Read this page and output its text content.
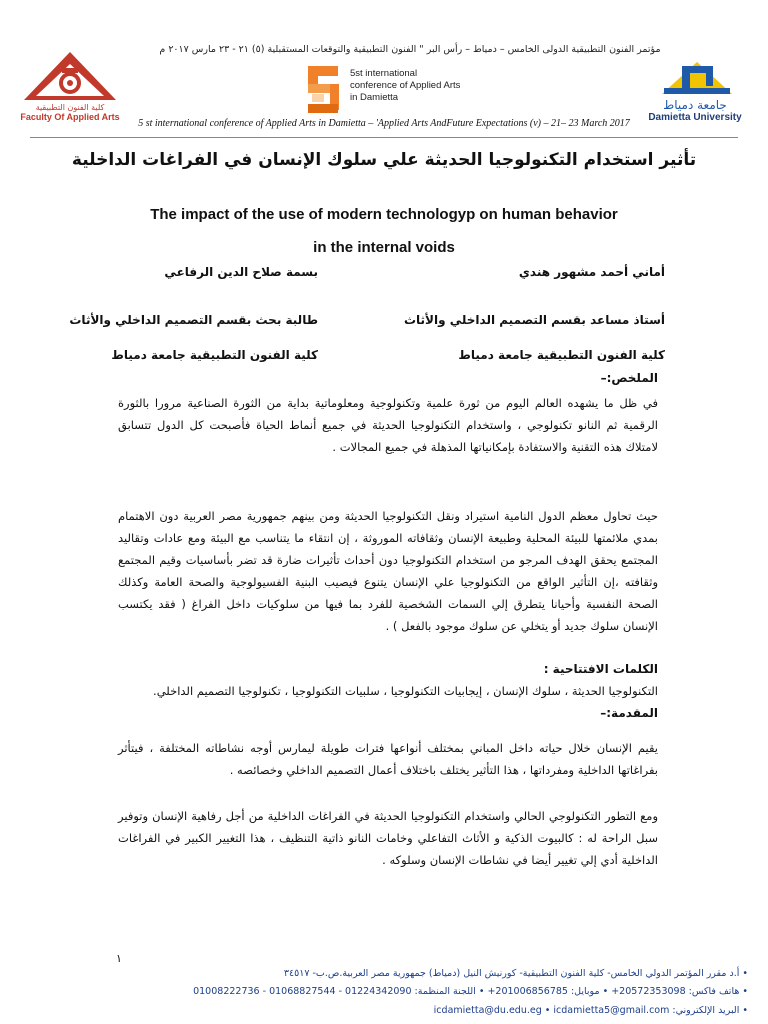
مؤتمر الفنون التطبيقية الدولى الخامس – دمياط – رأس البر " الفنون التطبيقية والتوقعات المستقبلية (٥) ٢١ - ٢٣ مارس ٢٠١٧ م
كلية الفنون التطبيقية
Faculty Of Applied Arts
5st international
conference of Applied Arts
in Damietta
جامعة دمياط
Damietta University
5 st international conference of Applied Arts in Damietta – 'Applied Arts AndFuture Expectations (v) – 21– 23 March 2017
تأثير استخدام التكنولوجيا الحديثة علي سلوك الإنسان في الفراغات الداخلية
The impact of the use of modern technologyp on human behavior
in the internal voids
أماني أحمد مشهور هندي
بسمة صلاح الدين الرفاعي
أستاذ مساعد بقسم التصميم الداخلي والأثاث
طالبة بحث بقسم التصميم الداخلي والأثاث
كلية الفنون التطبيقية جامعة دمياط
كلية الفنون التطبيقية جامعة دمياط
الملخص:–
في ظل ما يشهده العالم اليوم من ثورة علمية وتكنولوجية ومعلوماتية بداية من الثورة الصناعية مرورا بالثورة الرقمية ثم النانو تكنولوجي ، واستخدام التكنولوجيا الحديثة في جميع أنماط الحياة فأصبحت كل الدول تتسابق لامتلاك هذه التقنية والاستفادة بإمكانياتها المذهلة في جميع المجالات .
حيث تحاول معظم الدول النامية استيراد ونقل التكنولوجيا الحديثة ومن بينهم جمهورية مصر العربية دون الاهتمام بمدي ملائمتها للبيئة المحلية وطبيعة الإنسان وثقافاته الموروثة ، إن انتقاء ما يتناسب مع البيئة ومع عادات وتقاليد المجتمع يحقق الهدف المرجو من استخدام التكنولوجيا دون أحداث تأثيرات ضارة قد تضر بأساسيات وقيم المجتمع وثقافته ،إن التأثير الواقع من التكنولوجيا علي الإنسان يتنوع فيصيب البنية الفسيولوجية والصحة العامة وكذلك الصحة النفسية وأحيانا يتطرق إلي السمات الشخصية للفرد بما فيها من سلوكيات داخل الفراغ ( فقد يكتسب الإنسان سلوك جديد أو يتخلي عن سلوك موجود بالفعل ) .
الكلمات الافتتاحية :
التكنولوجيا الحديثة ، سلوك الإنسان ، إيجابيات التكنولوجيا ، سلبيات التكنولوجيا ، تكنولوجيا التصميم الداخلي.
المقدمة:–
يقيم الإنسان خلال حياته داخل المباني بمختلف أنواعها فترات طويلة ليمارس أوجه نشاطاته المختلفة ، فيتأثر بفراغاتها الداخلية ومفرداتها ، هذا التأثير يختلف باختلاف أعمال التصميم الداخلي وخصائصه .
ومع التطور التكنولوجي الحالي واستخدام التكنولوجيا الحديثة في الفراغات الداخلية من أجل رفاهية الإنسان وتوفير سبل الراحة له : كالبيوت الذكية و الأثاث التفاعلي وخامات النانو ذاتية التنظيف ، هذا التغيير الكبير في الفراغات الداخلية أدي إلي تغيير أيضا في نشاطات الإنسان وسلوكه .
١
• أ.د مقرر المؤتمر الدولي الخامس- كلية الفنون التطبيقية- كورنيش النيل (دمياط) جمهورية مصر العربية.ص.ب- ٣٤٥١٧
• هاتف فاكس: 20572353098+ • موبايل: 201006856785+ • اللجنة المنظمة: 01224342090 - 01068827544 - 01008222736
• البريد الإلكتروني: icdamietta@du.edu.eg • icdamietta5@gmail.com
